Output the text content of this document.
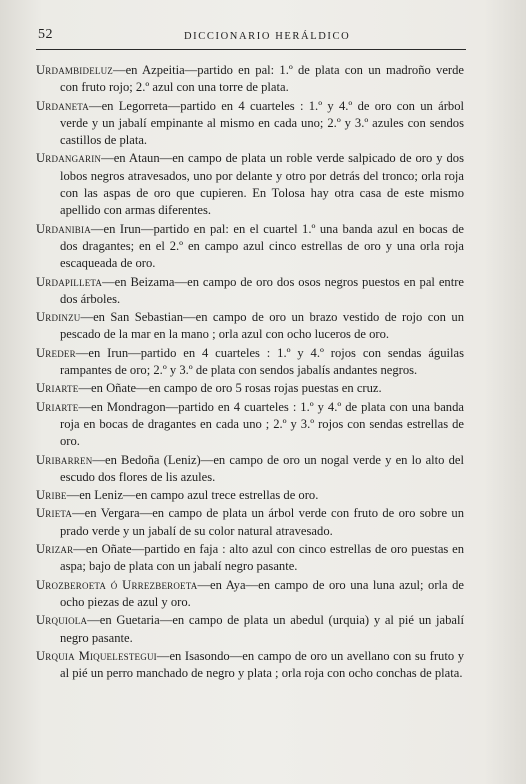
52	DICCIONARIO HERÁLDICO

Urdambideluz—en Azpeitia—partido en pal: 1.º de plata con un madroño verde con fruto rojo; 2.º azul con una torre de plata.

Urdaneta—en Legorreta—partido en 4 cuarteles : 1.º y 4.º de oro con un árbol verde y un jabalí empinante al mismo en cada uno; 2.º y 3.º azules con sendos castillos de plata.

Urdangarin—en Ataun—en campo de plata un roble verde salpicado de oro y dos lobos negros atravesados, uno por delante y otro por detrás del tronco; orla roja con las aspas de oro que cupieren. En Tolosa hay otra casa de este mismo apellido con armas diferentes.

Urdanibia—en Irun—partido en pal: en el cuartel 1.º una banda azul en bocas de dos dragantes; en el 2.º en campo azul cinco estrellas de oro y una orla roja escaqueada de oro.

Urdapilleta—en Beizama—en campo de oro dos osos negros puestos en pal entre dos árboles.

Urdinzu—en San Sebastian—en campo de oro un brazo vestido de rojo con un pescado de la mar en la mano ; orla azul con ocho luceros de oro.

Ureder—en Irun—partido en 4 cuarteles : 1.º y 4.º rojos con sendas águilas rampantes de oro; 2.º y 3.º de plata con sendos jabalís andantes negros.

Uriarte—en Oñate—en campo de oro 5 rosas rojas puestas en cruz.

Uriarte—en Mondragon—partido en 4 cuarteles : 1.º y 4.º de plata con una banda roja en bocas de dragantes en cada uno ; 2.º y 3.º rojos con sendas estrellas de oro.

Uribarren—en Bedoña (Leniz)—en campo de oro un nogal verde y en lo alto del escudo dos flores de lis azules.

Uribe—en Leniz—en campo azul trece estrellas de oro.

Urieta—en Vergara—en campo de plata un árbol verde con fruto de oro sobre un prado verde y un jabalí de su color natural atravesado.

Urizar—en Oñate—partido en faja : alto azul con cinco estrellas de oro puestas en aspa; bajo de plata con un jabalí negro pasante.

Urozberoeta ó Urrezberoeta—en Aya—en campo de oro una luna azul; orla de ocho piezas de azul y oro.

Urquiola—en Guetaria—en campo de plata un abedul (urquia) y al pié un jabalí negro pasante.

Urquia Miquelestegui—en Isasondo—en campo de oro un avellano con su fruto y al pié un perro manchado de negro y plata ; orla roja con ocho conchas de plata.
